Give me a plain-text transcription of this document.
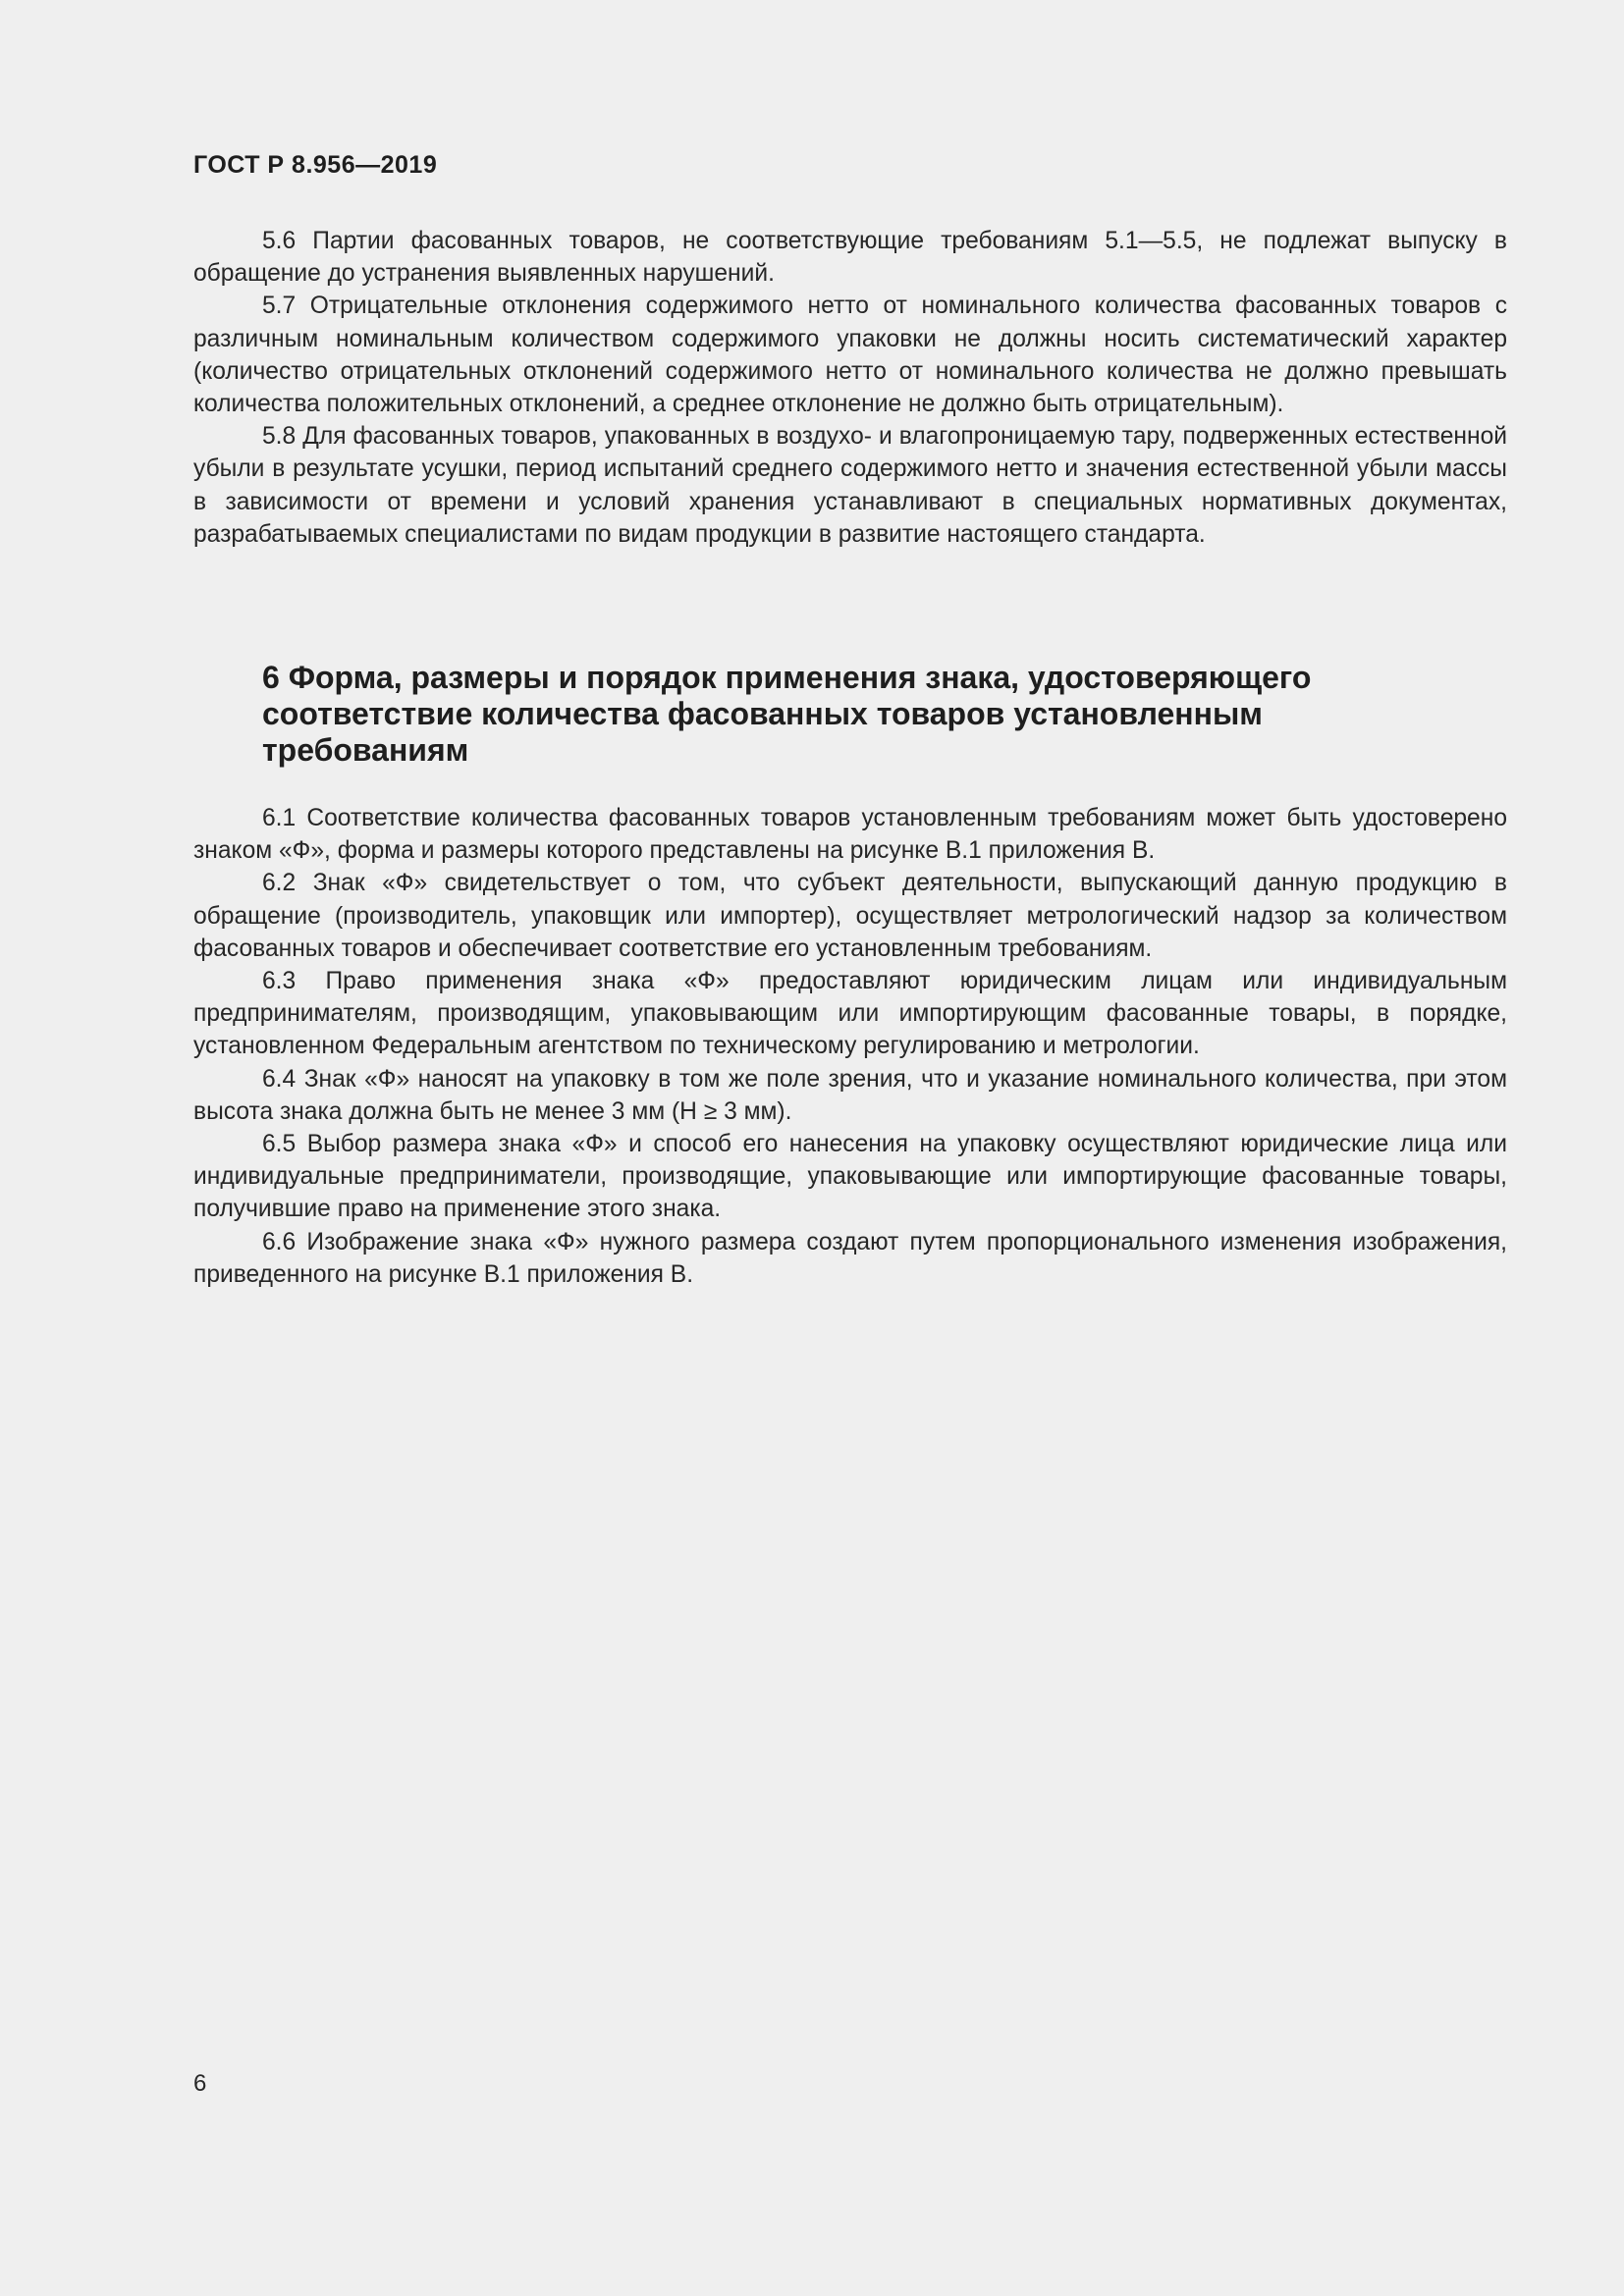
ГОСТ Р 8.956—2019

5.6 Партии фасованных товаров, не соответствующие требованиям 5.1—5.5, не подлежат выпуску в обращение до устранения выявленных нарушений.

5.7 Отрицательные отклонения содержимого нетто от номинального количества фасованных товаров с различным номинальным количеством содержимого упаковки не должны носить систематический характер (количество отрицательных отклонений содержимого нетто от номинального количества не должно превышать количества положительных отклонений, а среднее отклонение не должно быть отрицательным).

5.8 Для фасованных товаров, упакованных в воздухо- и влагопроницаемую тару, подверженных естественной убыли в результате усушки, период испытаний среднего содержимого нетто и значения естественной убыли массы в зависимости от времени и условий хранения устанавливают в специальных нормативных документах, разрабатываемых специалистами по видам продукции в развитие настоящего стандарта.

6 Форма, размеры и порядок применения знака, удостоверяющего соответствие количества фасованных товаров установленным требованиям

6.1 Соответствие количества фасованных товаров установленным требованиям может быть удостоверено знаком «Ф», форма и размеры которого представлены на рисунке В.1 приложения В.

6.2 Знак «Ф» свидетельствует о том, что субъект деятельности, выпускающий данную продукцию в обращение (производитель, упаковщик или импортер), осуществляет метрологический надзор за количеством фасованных товаров и обеспечивает соответствие его установленным требованиям.

6.3 Право применения знака «Ф» предоставляют юридическим лицам или индивидуальным предпринимателям, производящим, упаковывающим или импортирующим фасованные товары, в порядке, установленном Федеральным агентством по техническому регулированию и метрологии.

6.4 Знак «Ф» наносят на упаковку в том же поле зрения, что и указание номинального количества, при этом высота знака должна быть не менее 3 мм (Н ≥ 3 мм).

6.5 Выбор размера знака «Ф» и способ его нанесения на упаковку осуществляют юридические лица или индивидуальные предприниматели, производящие, упаковывающие или импортирующие фасованные товары, получившие право на применение этого знака.

6.6 Изображение знака «Ф» нужного размера создают путем пропорционального изменения изображения, приведенного на рисунке В.1 приложения В.

6
